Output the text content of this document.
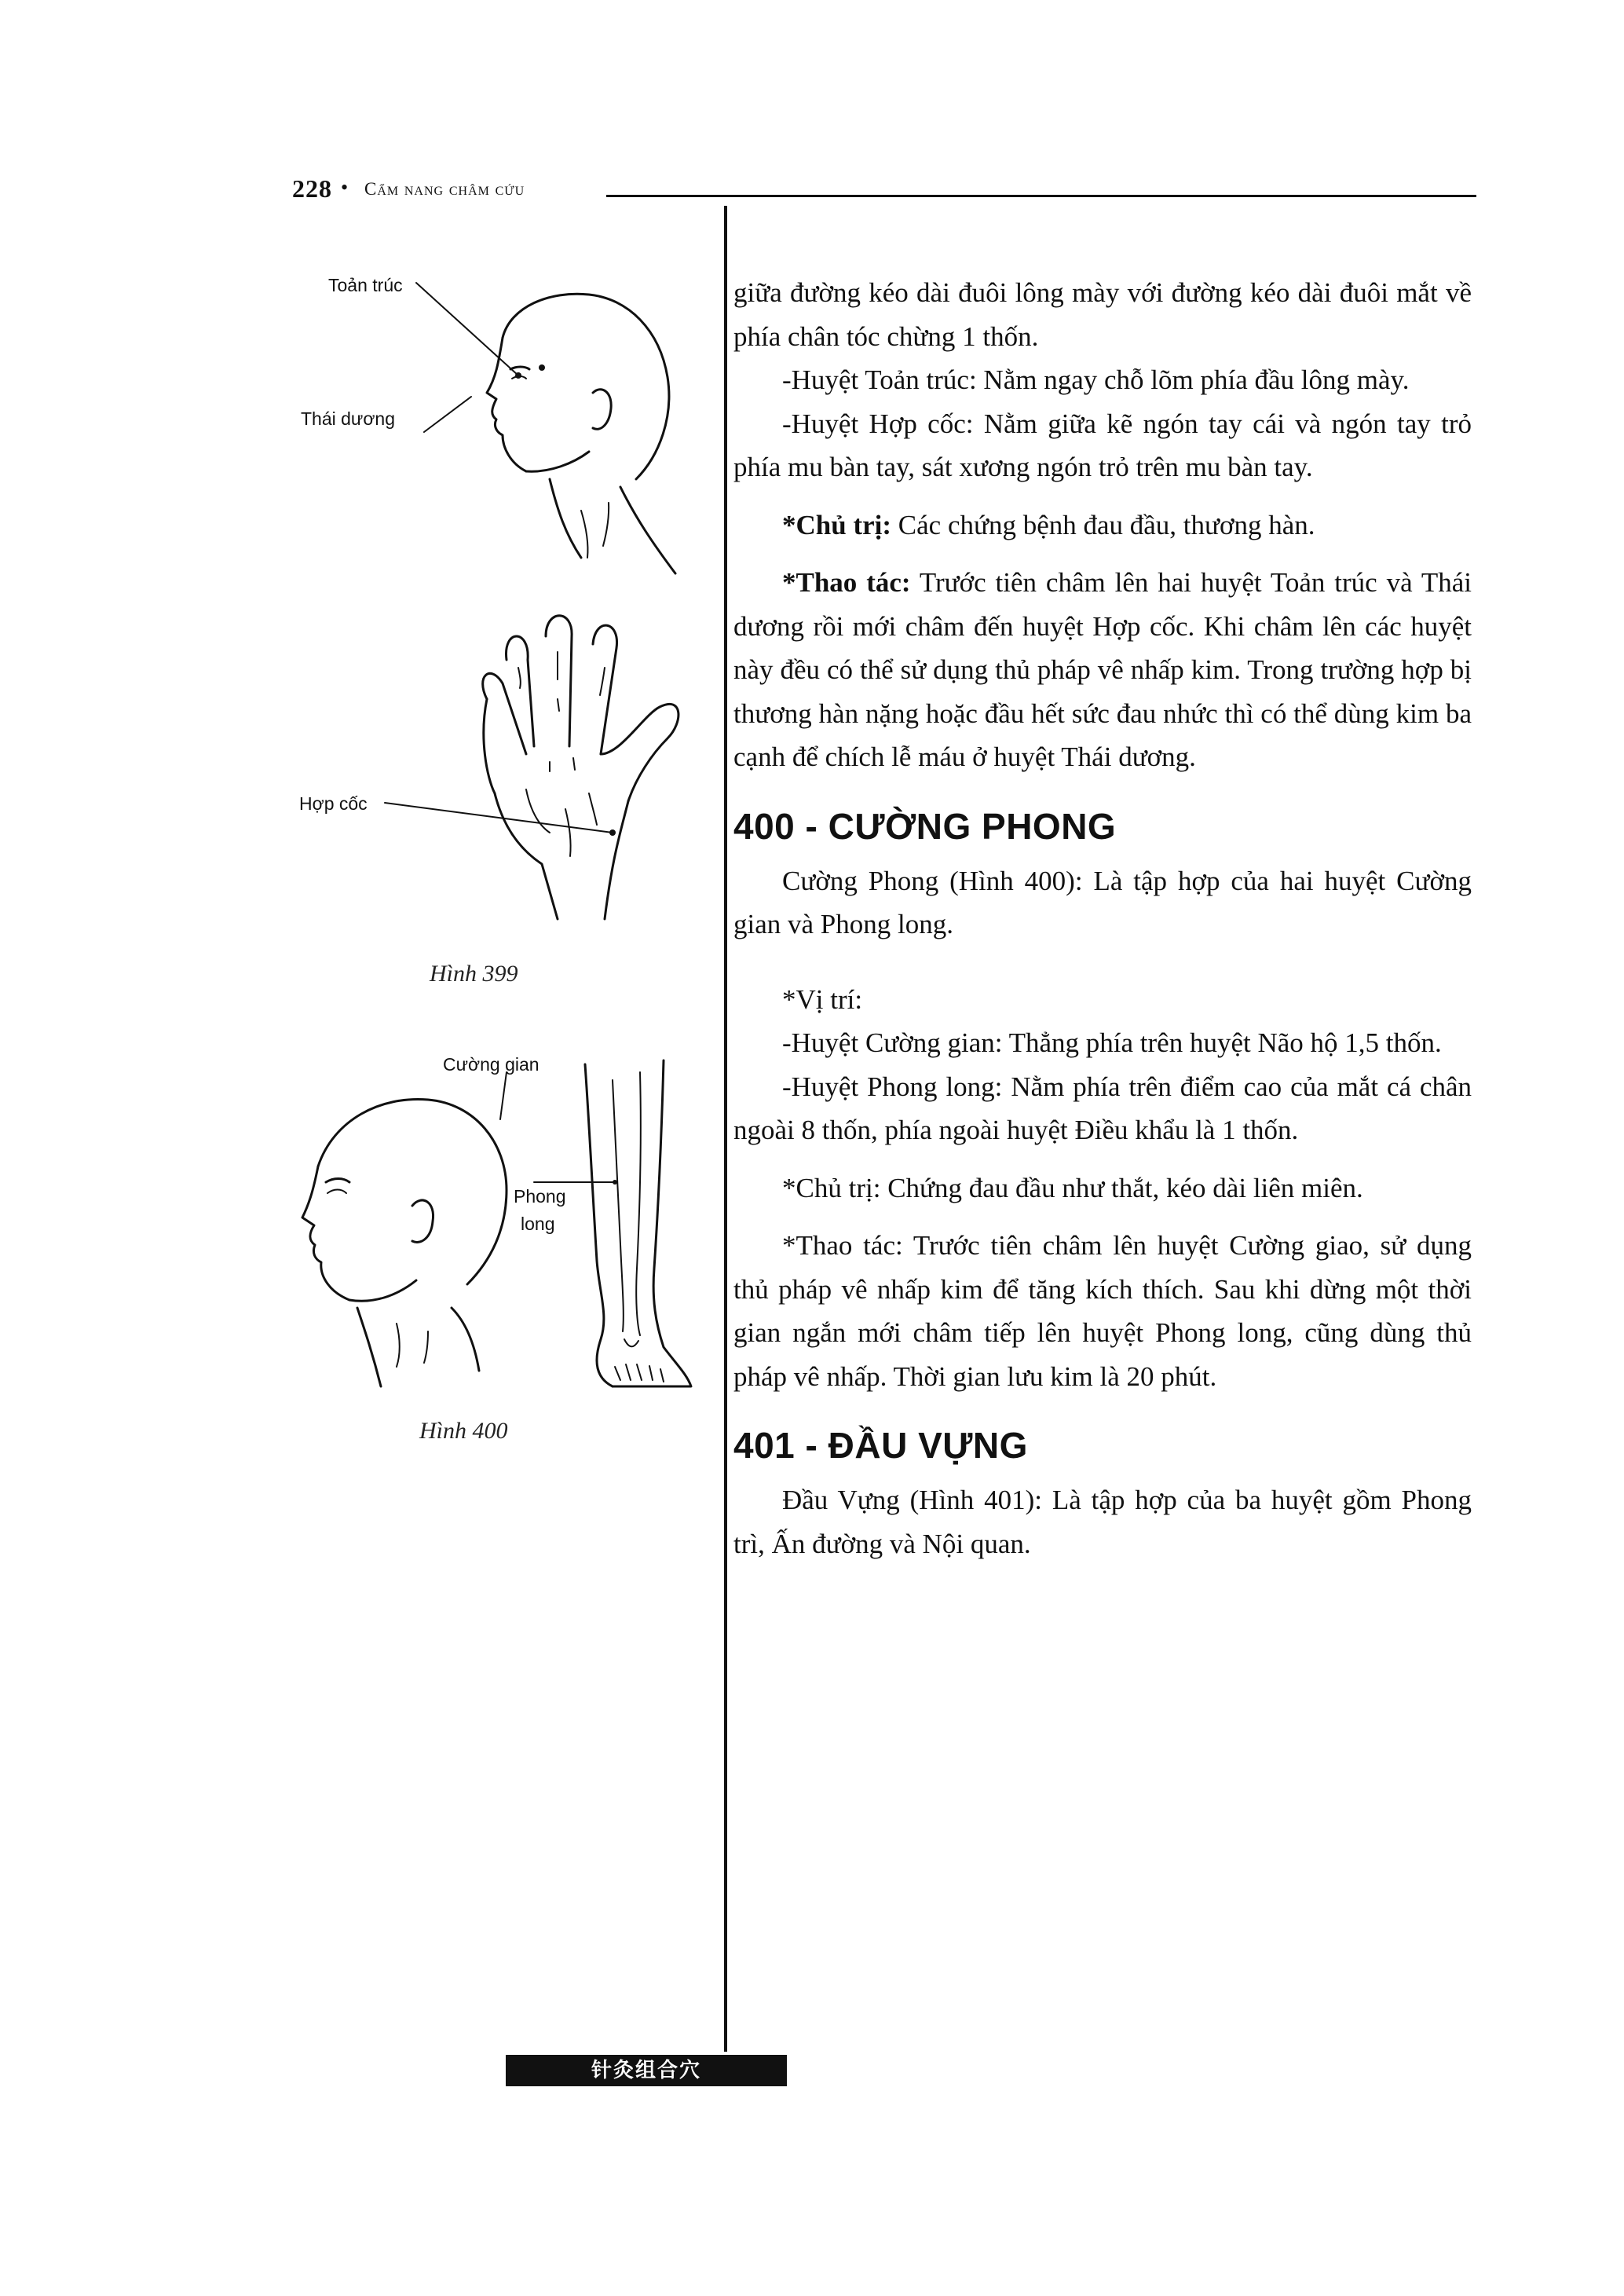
228 • Cẩm nang châm cứu
Toản trúc
Thái dương
Hợp cốc
Hình 399
Cường gian
Phong
long
Hình 400

giữa đường kéo dài đuôi lông mày với đường kéo dài đuôi mắt về phía chân tóc chừng 1 thốn.

-Huyệt Toản trúc: Nằm ngay chỗ lõm phía đầu lông mày.

-Huyệt Hợp cốc: Nằm giữa kẽ ngón tay cái và ngón tay trỏ phía mu bàn tay, sát xương ngón trỏ trên mu bàn tay.

*Chủ trị: Các chứng bệnh đau đầu, thương hàn.

*Thao tác: Trước tiên châm lên hai huyệt Toản trúc và Thái dương rồi mới châm đến huyệt Hợp cốc. Khi châm lên các huyệt này đều có thể sử dụng thủ pháp vê nhấp kim. Trong trường hợp bị thương hàn nặng hoặc đầu hết sức đau nhức thì có thể dùng kim ba cạnh để chích lễ máu ở huyệt Thái dương.

400 - CƯỜNG PHONG

Cường Phong (Hình 400): Là tập hợp của hai huyệt Cường gian và Phong long.

*Vị trí:

-Huyệt Cường gian: Thẳng phía trên huyệt Não hộ 1,5 thốn.

-Huyệt Phong long: Nằm phía trên điểm cao của mắt cá chân ngoài 8 thốn, phía ngoài huyệt Điều khẩu là 1 thốn.

*Chủ trị: Chứng đau đầu như thắt, kéo dài liên miên.

*Thao tác: Trước tiên châm lên huyệt Cường giao, sử dụng thủ pháp vê nhấp kim để tăng kích thích. Sau khi dừng một thời gian ngắn mới châm tiếp lên huyệt Phong long, cũng dùng thủ pháp vê nhấp. Thời gian lưu kim là 20 phút.

401 - ĐẦU VỰNG

Đầu Vựng (Hình 401): Là tập hợp của ba huyệt gồm Phong trì, Ấn đường và Nội quan.

针灸组合穴
